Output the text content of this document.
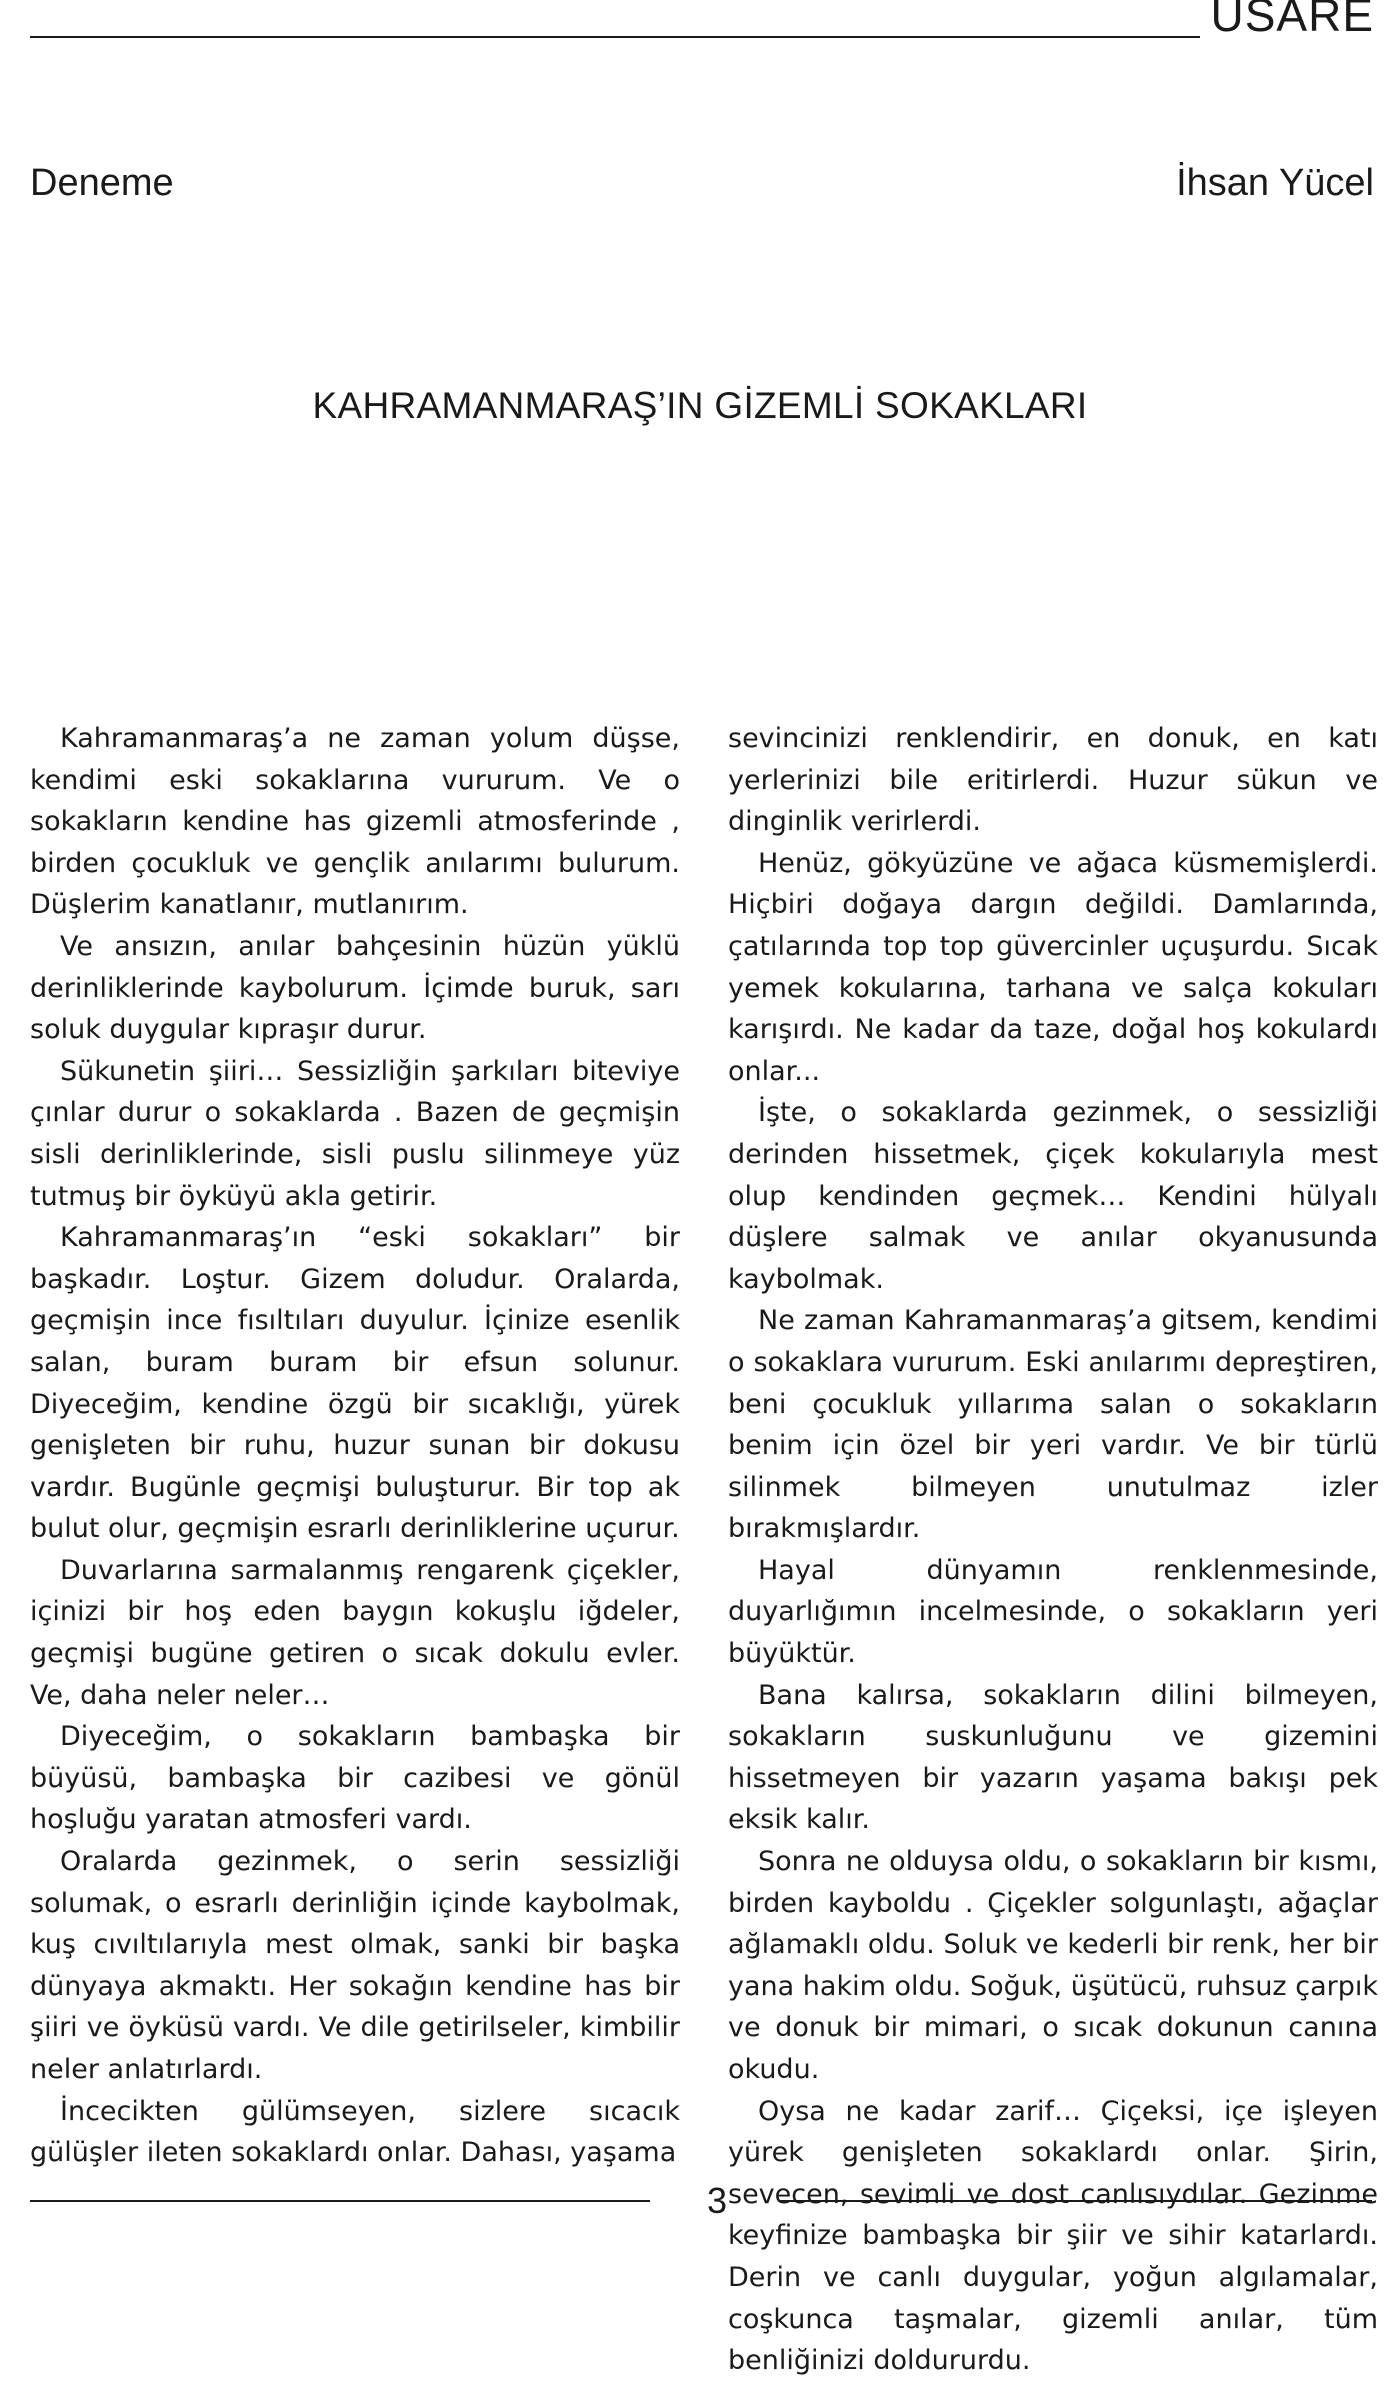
USARE
Deneme	İhsan Yücel
KAHRAMANMARAŞ’IN GİZEMLİ SOKAKLARI

Kahramanmaraş’a ne zaman yolum düşse, kendimi eski sokaklarına vururum. Ve o sokakların kendine has gizemli atmosferinde , birden çocukluk ve gençlik anılarımı bulurum. Düşlerim kanatlanır, mutlanırım.

Ve ansızın, anılar bahçesinin hüzün yüklü derinliklerinde kaybolurum. İçimde buruk, sarı soluk duygular kıpraşır durur.

Sükunetin şiiri… Sessizliğin şarkıları biteviye çınlar durur o sokaklarda . Bazen de geçmişin sisli derinliklerinde, sisli puslu silinmeye yüz tutmuş bir öyküyü akla getirir.

Kahramanmaraş’ın “eski sokakları” bir başkadır. Loştur. Gizem doludur. Oralarda, geçmişin ince fısıltıları duyulur. İçinize esenlik salan, buram buram bir efsun solunur. Diyeceğim, kendine özgü bir sıcaklığı, yürek genişleten bir ruhu, huzur sunan bir dokusu vardır. Bugünle geçmişi buluşturur. Bir top ak bulut olur, geçmişin esrarlı derinliklerine uçurur.

Duvarlarına sarmalanmış rengarenk çiçekler, içinizi bir hoş eden baygın kokuşlu iğdeler, geçmişi bugüne getiren o sıcak dokulu evler. Ve, daha neler neler…

Diyeceğim, o sokakların bambaşka bir büyüsü, bambaşka bir cazibesi ve gönül hoşluğu yaratan atmosferi vardı.

Oralarda gezinmek, o serin sessizliği solumak, o esrarlı derinliğin içinde kaybolmak, kuş cıvıltılarıyla mest olmak, sanki bir başka dünyaya akmaktı. Her sokağın kendine has bir şiiri ve öyküsü vardı. Ve dile getirilseler, kimbilir neler anlatırlardı.

İncecikten gülümseyen, sizlere sıcacık gülüşler ileten sokaklardı onlar. Dahası, yaşama

sevincinizi renklendirir, en donuk, en katı yerlerinizi bile eritirlerdi. Huzur sükun ve dinginlik verirlerdi.

Henüz, gökyüzüne ve ağaca küsmemişlerdi. Hiçbiri doğaya dargın değildi. Damlarında, çatılarında top top güvercinler uçuşurdu. Sıcak yemek kokularına, tarhana ve salça kokuları karışırdı. Ne kadar da taze, doğal hoş kokulardı onlar...

İşte, o sokaklarda gezinmek, o sessizliği derinden hissetmek, çiçek kokularıyla mest olup kendinden geçmek… Kendini hülyalı düşlere salmak ve anılar okyanusunda kaybolmak.

Ne zaman Kahramanmaraş’a gitsem, kendimi o sokaklara vururum. Eski anılarımı depreştiren, beni çocukluk yıllarıma salan o sokakların benim için özel bir yeri vardır. Ve bir türlü silinmek bilmeyen unutulmaz izler bırakmışlardır.

Hayal dünyamın renklenmesinde, duyarlığımın incelmesinde, o sokakların yeri büyüktür.

Bana kalırsa, sokakların dilini bilmeyen, sokakların suskunluğunu ve gizemini hissetmeyen bir yazarın yaşama bakışı pek eksik kalır.

Sonra ne olduysa oldu, o sokakların bir kısmı, birden kayboldu . Çiçekler solgunlaştı, ağaçlar ağlamaklı oldu. Soluk ve kederli bir renk, her bir yana hakim oldu. Soğuk, üşütücü, ruhsuz çarpık ve donuk bir mimari, o sıcak dokunun canına okudu.

Oysa ne kadar zarif… Çiçeksi, içe işleyen yürek genişleten sokaklardı onlar. Şirin, sevecen, sevimli ve dost canlısıydılar. Gezinme keyfinize bambaşka bir şiir ve sihir katarlardı. Derin ve canlı duygular, yoğun algılamalar, coşkunca taşmalar, gizemli anılar, tüm benliğinizi doldururdu.

3
